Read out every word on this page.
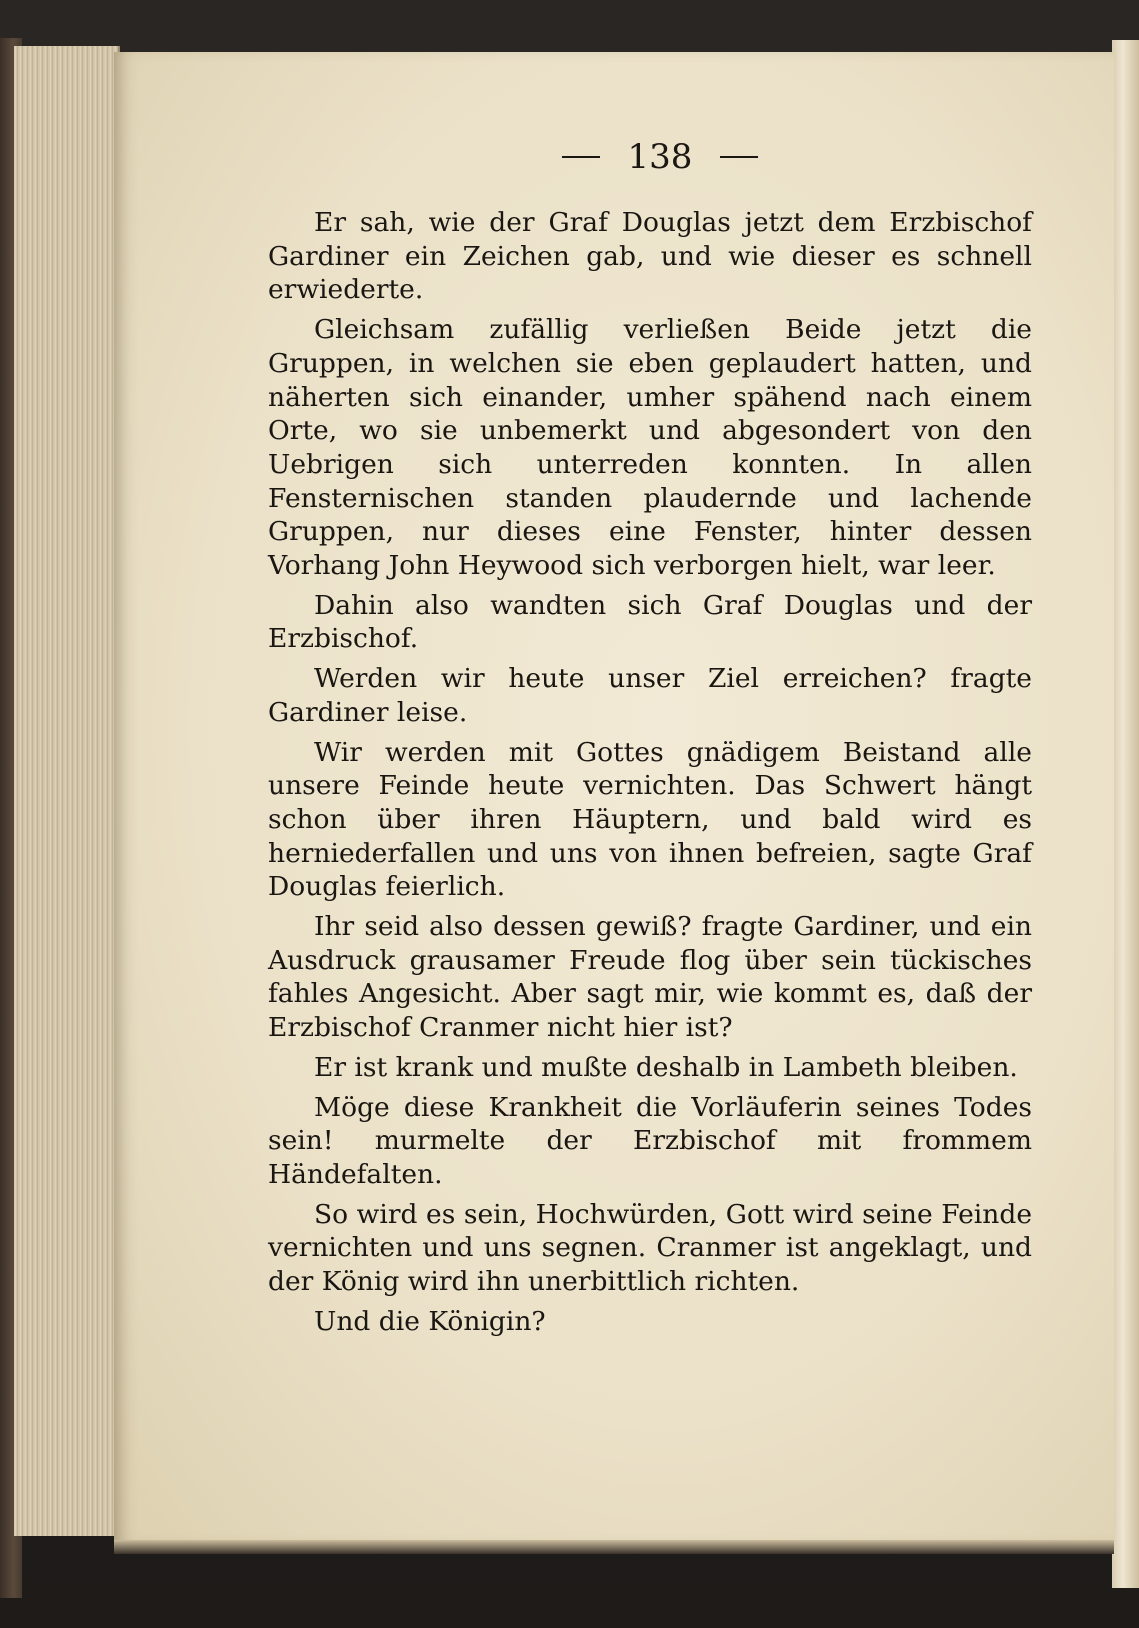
138

Er sah, wie der Graf Douglas jetzt dem Erzbischof Gardiner ein Zeichen gab, und wie dieser es schnell erwiederte.

Gleichsam zufällig verließen Beide jetzt die Gruppen, in welchen sie eben geplaudert hatten, und näherten sich einander, umher spähend nach einem Orte, wo sie unbemerkt und abgesondert von den Uebrigen sich unterreden konnten. In allen Fensternischen standen plaudernde und lachende Gruppen, nur dieses eine Fenster, hinter dessen Vorhang John Heywood sich verborgen hielt, war leer.

Dahin also wandten sich Graf Douglas und der Erzbischof.

Werden wir heute unser Ziel erreichen? fragte Gardiner leise.

Wir werden mit Gottes gnädigem Beistand alle unsere Feinde heute vernichten. Das Schwert hängt schon über ihren Häuptern, und bald wird es herniederfallen und uns von ihnen befreien, sagte Graf Douglas feierlich.

Ihr seid also dessen gewiß? fragte Gardiner, und ein Ausdruck grausamer Freude flog über sein tückisches fahles Angesicht. Aber sagt mir, wie kommt es, daß der Erzbischof Cranmer nicht hier ist?

Er ist krank und mußte deshalb in Lambeth bleiben.

Möge diese Krankheit die Vorläuferin seines Todes sein! murmelte der Erzbischof mit frommem Händefalten.

So wird es sein, Hochwürden, Gott wird seine Feinde vernichten und uns segnen. Cranmer ist angeklagt, und der König wird ihn unerbittlich richten.

Und die Königin?
